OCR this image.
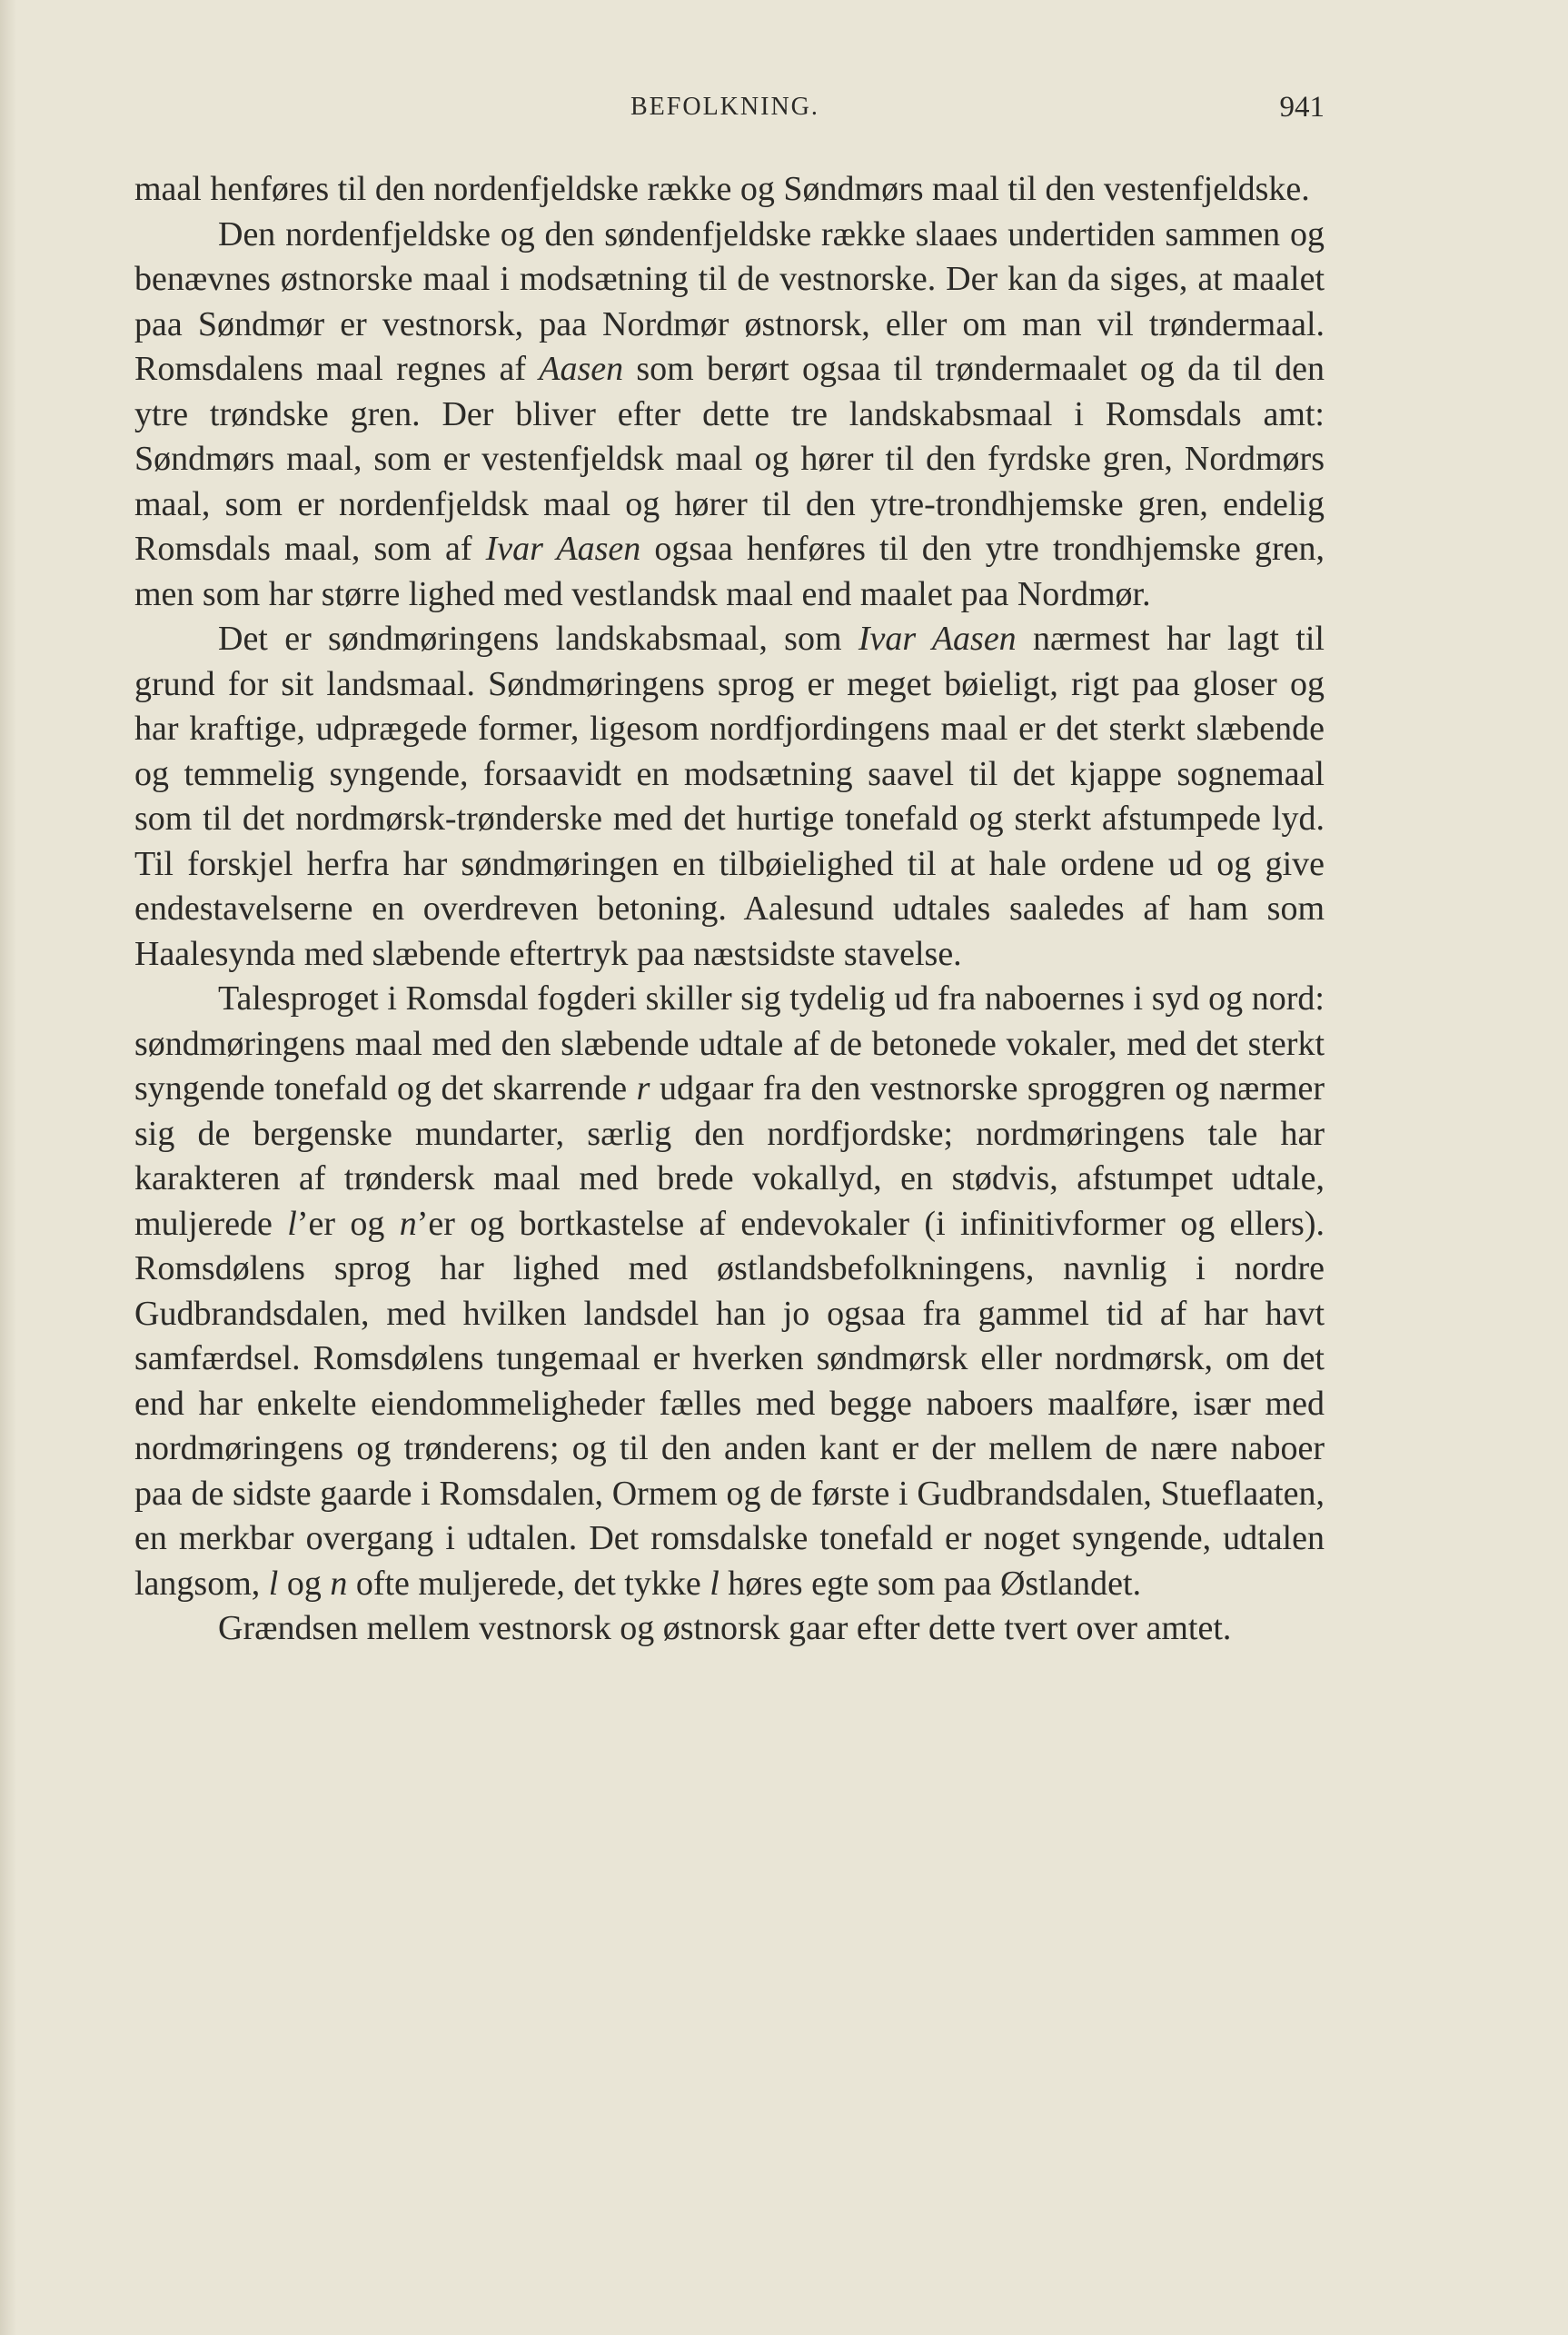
BEFOLKNING.	941

maal henføres til den nordenfjeldske række og Søndmørs maal til den vestenfjeldske.

Den nordenfjeldske og den søndenfjeldske række slaaes undertiden sammen og benævnes østnorske maal i modsætning til de vestnorske. Der kan da siges, at maalet paa Søndmør er vestnorsk, paa Nordmør østnorsk, eller om man vil trøndermaal. Romsdalens maal regnes af Aasen som berørt ogsaa til trøndermaalet og da til den ytre trøndske gren. Der bliver efter dette tre landskabsmaal i Romsdals amt: Søndmørs maal, som er vestenfjeldsk maal og hører til den fyrdske gren, Nordmørs maal, som er nordenfjeldsk maal og hører til den ytre-trondhjemske gren, endelig Romsdals maal, som af Ivar Aasen ogsaa henføres til den ytre trondhjemske gren, men som har større lighed med vestlandsk maal end maalet paa Nordmør.

Det er søndmøringens landskabsmaal, som Ivar Aasen nærmest har lagt til grund for sit landsmaal. Søndmøringens sprog er meget bøieligt, rigt paa gloser og har kraftige, udprægede former, ligesom nordfjordingens maal er det sterkt slæbende og temmelig syngende, forsaavidt en modsætning saavel til det kjappe sognemaal som til det nordmørsk-trønderske med det hurtige tonefald og sterkt afstumpede lyd. Til forskjel herfra har søndmøringen en tilbøielighed til at hale ordene ud og give endestavelserne en overdreven betoning. Aalesund udtales saaledes af ham som Haalesynda med slæbende eftertryk paa næstsidste stavelse.

Talesproget i Romsdal fogderi skiller sig tydelig ud fra naboernes i syd og nord: søndmøringens maal med den slæbende udtale af de betonede vokaler, med det sterkt syngende tonefald og det skarrende r udgaar fra den vestnorske sproggren og nærmer sig de bergenske mundarter, særlig den nordfjordske; nordmøringens tale har karakteren af trøndersk maal med brede vokallyd, en stødvis, afstumpet udtale, muljerede l’er og n’er og bortkastelse af endevokaler (i infinitivformer og ellers). Romsdølens sprog har lighed med østlandsbefolkningens, navnlig i nordre Gudbrandsdalen, med hvilken landsdel han jo ogsaa fra gammel tid af har havt samfærdsel. Romsdølens tungemaal er hverken søndmørsk eller nordmørsk, om det end har enkelte eiendommeligheder fælles med begge naboers maalføre, især med nordmøringens og trønderens; og til den anden kant er der mellem de nære naboer paa de sidste gaarde i Romsdalen, Ormem og de første i Gudbrandsdalen, Stueflaaten, en merkbar overgang i udtalen. Det romsdalske tonefald er noget syngende, udtalen langsom, l og n ofte muljerede, det tykke l høres egte som paa Østlandet.

Grændsen mellem vestnorsk og østnorsk gaar efter dette tvert over amtet.
